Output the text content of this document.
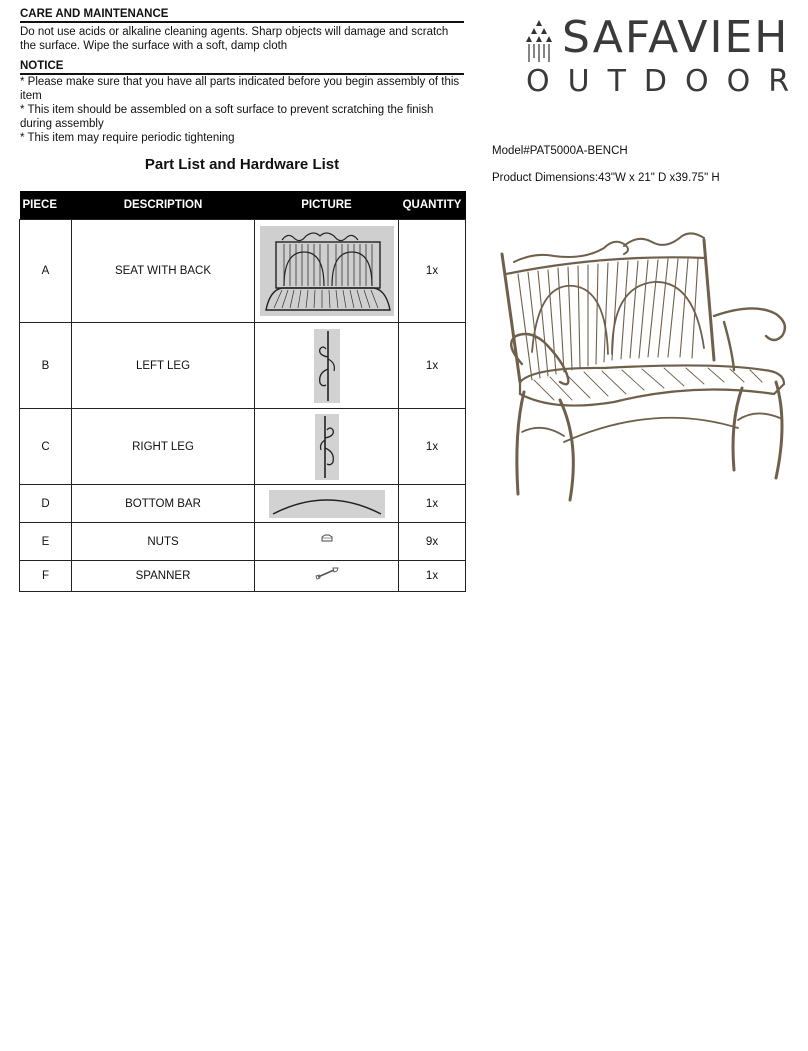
CARE AND MAINTENANCE
Do not use acids or alkaline cleaning agents. Sharp objects will damage and scratch the surface. Wipe the surface with a soft, damp cloth
NOTICE
* Please make sure that you have all parts indicated before you begin assembly of this item
* This item should be assembled on a soft surface to prevent scratching the finish during assembly
* This item may require periodic tightening
Part List and Hardware List
PIECE	DESCRIPTION	PICTURE	QUANTITY
A	SEAT WITH BACK		1x
B	LEFT LEG		1x
C	RIGHT LEG		1x
D	BOTTOM BAR		1x
E	NUTS		9x
F	SPANNER		1x
SAFAVIEH
OUTDOOR
Model#PAT5000A-BENCH
Product Dimensions:43"W x 21" D x39.75" H
